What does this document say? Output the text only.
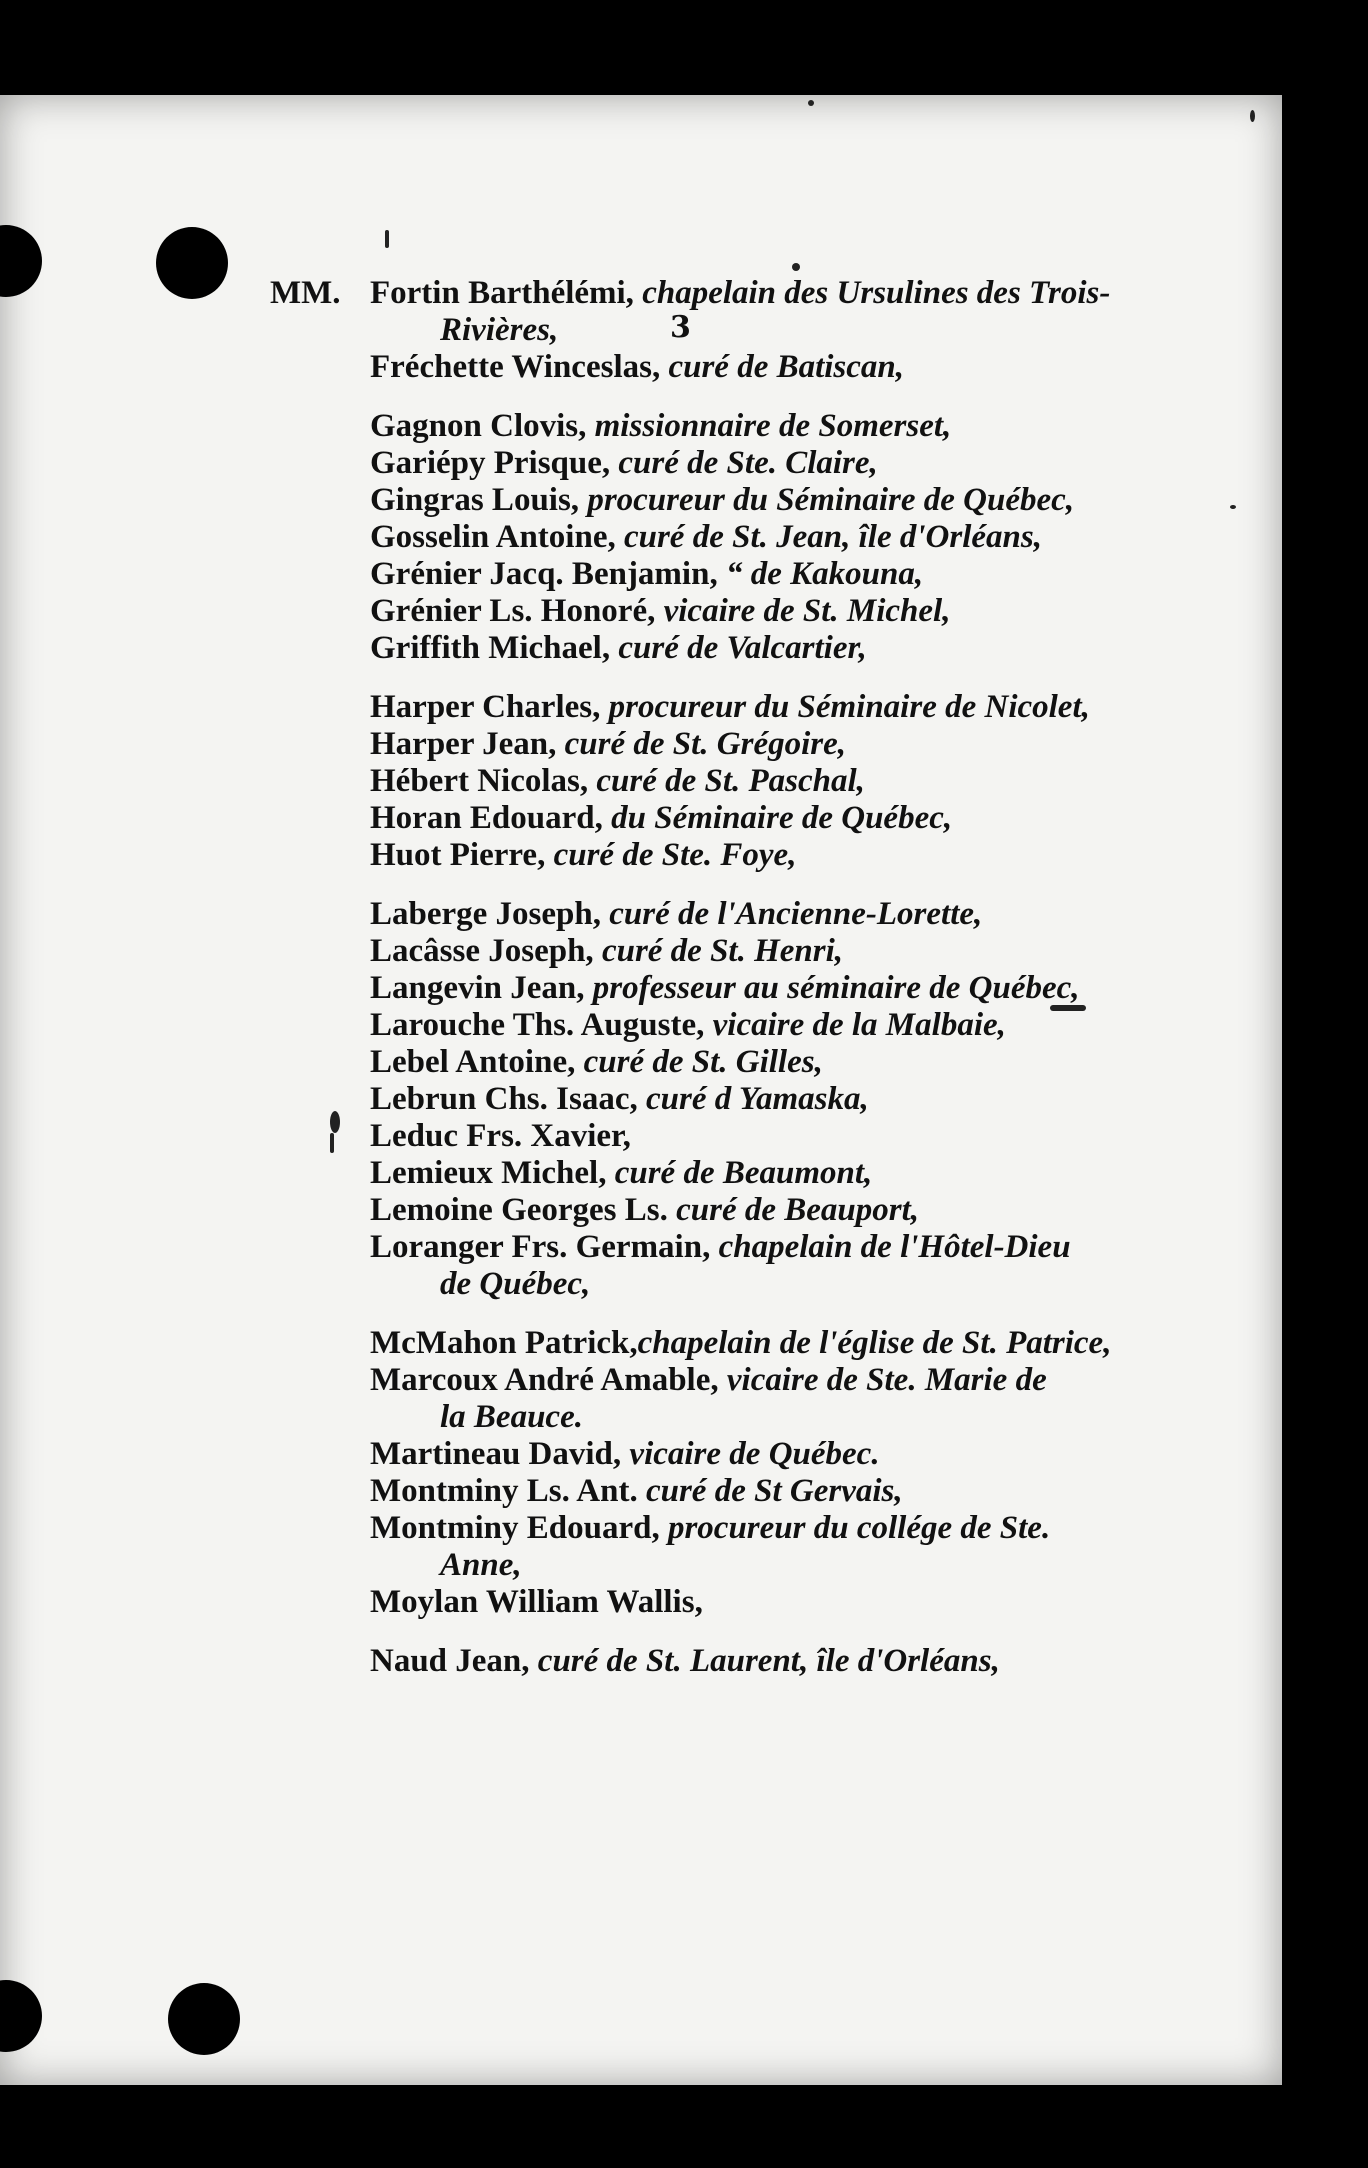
3
MM. Fortin Barthélémi, chapelain des Ursulines des Trois-
Rivières,
Fréchette Winceslas, curé de Batiscan,
Gagnon Clovis, missionnaire de Somerset,
Gariépy Prisque, curé de Ste. Claire,
Gingras Louis, procureur du Séminaire de Québec,
Gosselin Antoine, curé de St. Jean, île d'Orléans,
Grénier Jacq. Benjamin, “ de Kakouna,
Grénier Ls. Honoré, vicaire de St. Michel,
Griffith Michael, curé de Valcartier,
Harper Charles, procureur du Séminaire de Nicolet,
Harper Jean, curé de St. Grégoire,
Hébert Nicolas, curé de St. Paschal,
Horan Edouard, du Séminaire de Québec,
Huot Pierre, curé de Ste. Foye,
Laberge Joseph, curé de l'Ancienne-Lorette,
Lacâsse Joseph, curé de St. Henri,
Langevin Jean, professeur au séminaire de Québec,
Larouche Ths. Auguste, vicaire de la Malbaie,
Lebel Antoine, curé de St. Gilles,
Lebrun Chs. Isaac, curé d Yamaska,
Leduc Frs. Xavier,
Lemieux Michel, curé de Beaumont,
Lemoine Georges Ls. curé de Beauport,
Loranger Frs. Germain, chapelain de l'Hôtel-Dieu
de Québec,
McMahon Patrick,chapelain de l'église de St. Patrice,
Marcoux André Amable, vicaire de Ste. Marie de
la Beauce.
Martineau David, vicaire de Québec.
Montminy Ls. Ant. curé de St Gervais,
Montminy Edouard, procureur du collége de Ste.
Anne,
Moylan William Wallis,
Naud Jean, curé de St. Laurent, île d'Orléans,
